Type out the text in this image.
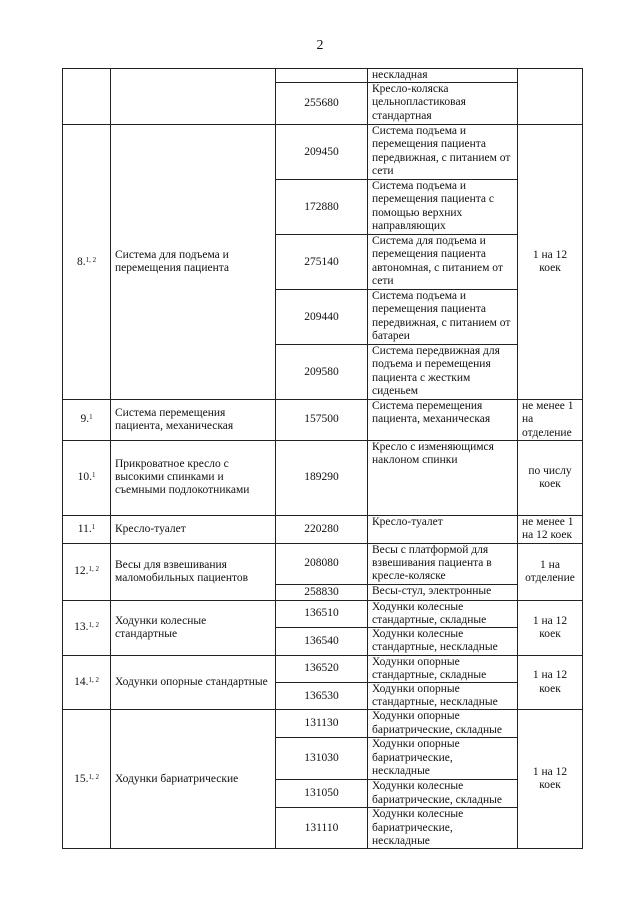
2
			нескладная	
		255680	Кресло-коляска цельнопластиковая стандартная	
8.$^{1, 2}$	Система для подъема и перемещения пациента	209450	Система подъема и перемещения пациента передвижная, с питанием от сети	1 на 12 коек
		172880	Система подъема и перемещения пациента с помощью верхних направляющих	
		275140	Система для подъема и перемещения пациента автономная, с питанием от сети	
		209440	Система подъема и перемещения пациента передвижная, с питанием от батареи	
		209580	Система передвижная для подъема и перемещения пациента с жестким сиденьем	
9.$^1$	Система перемещения пациента, механическая	157500	Система перемещения пациента, механическая	не менее 1 на отделение
10.$^1$	Прикроватное кресло с высокими спинками и съемными подлокотниками	189290	Кресло с изменяющимся наклоном спинки	по числу коек
11.$^1$	Кресло-туалет	220280	Кресло-туалет	не менее 1 на 12 коек
12.$^{1, 2}$	Весы для взвешивания маломобильных пациентов	208080	Весы с платформой для взвешивания пациента в кресле-коляске	1 на отделение
		258830	Весы-стул, электронные	
13.$^{1, 2}$	Ходунки колесные стандартные	136510	Ходунки колесные стандартные, складные	1 на 12 коек
		136540	Ходунки колесные стандартные, нескладные	
14.$^{1, 2}$	Ходунки опорные стандартные	136520	Ходунки опорные стандартные, складные	1 на 12 коек
		136530	Ходунки опорные стандартные, нескладные	
15.$^{1, 2}$	Ходунки бариатрические	131130	Ходунки опорные бариатрические, складные	1 на 12 коек
		131030	Ходунки опорные бариатрические, нескладные	
		131050	Ходунки колесные бариатрические, складные	
		131110	Ходунки колесные бариатрические, нескладные	
